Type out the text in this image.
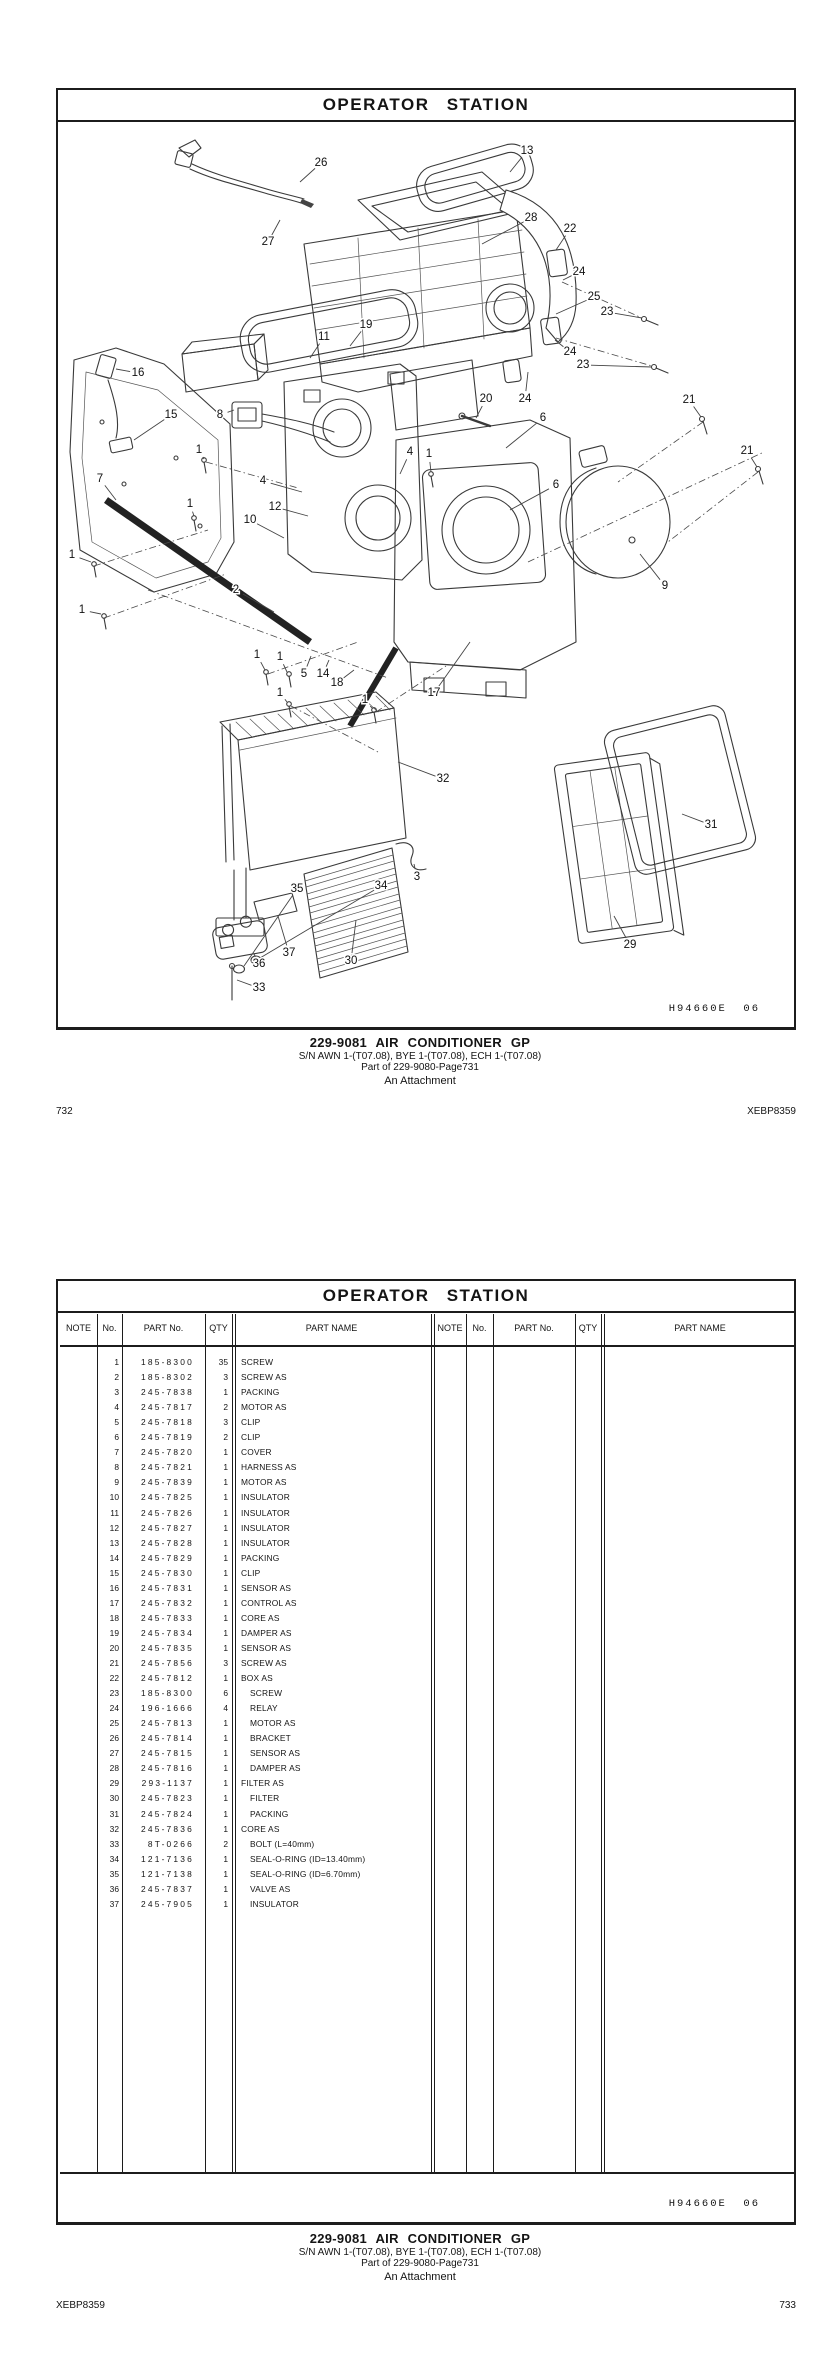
OPERATOR STATION
26
27
13
28
22
24
25
23
24
23
24
19
11
20
6
6
21
21
16
15	8
1
7
1
4
12
10
2
4 1
9
1
1
1 1
5 14
18
1
1
17
32
3
34
35
37
36
33
30
29
31
H94660E  06
229-9081 AIR CONDITIONER GP
S/N AWN 1-(T07.08), BYE 1-(T07.08), ECH 1-(T07.08)
Part of 229-9080-Page731
An Attachment
732	XEBP8359
OPERATOR STATION
NOTE No.	PART No.	QTY	PART NAME	NOTE No.	PART No.	QTY	PART NAME
1	185-8300	35 SCREW
2	185-8302	3 SCREW AS
3	245-7838	1 PACKING
4	245-7817	2 MOTOR AS
5	245-7818	3 CLIP
6	245-7819	2 CLIP
7	245-7820	1 COVER
8	245-7821	1 HARNESS AS
9	245-7839	1 MOTOR AS
10	245-7825	1 INSULATOR
11	245-7826	1 INSULATOR
12	245-7827	1 INSULATOR
13	245-7828	1 INSULATOR
14	245-7829	1 PACKING
15	245-7830	1 CLIP
16	245-7831	1 SENSOR AS
17	245-7832	1 CONTROL AS
18	245-7833	1 CORE AS
19	245-7834	1 DAMPER AS
20	245-7835	1 SENSOR AS
21	245-7856	3 SCREW AS
22	245-7812	1 BOX AS
23	185-8300	6	SCREW
24	196-1666	4	RELAY
25	245-7813	1	MOTOR AS
26	245-7814	1	BRACKET
27	245-7815	1	SENSOR AS
28	245-7816	1	DAMPER AS
29	293-1137	1 FILTER AS
30	245-7823	1	FILTER
31	245-7824	1	PACKING
32	245-7836	1 CORE AS
33	8T-0266	2	BOLT (L=40mm)
34	121-7136	1	SEAL-O-RING (ID=13.40mm)
35	121-7138	1	SEAL-O-RING (ID=6.70mm)
36	245-7837	1	VALVE AS
37	245-7905	1	INSULATOR
H94660E  06
229-9081 AIR CONDITIONER GP
S/N AWN 1-(T07.08), BYE 1-(T07.08), ECH 1-(T07.08)
Part of 229-9080-Page731
An Attachment
XEBP8359	733
